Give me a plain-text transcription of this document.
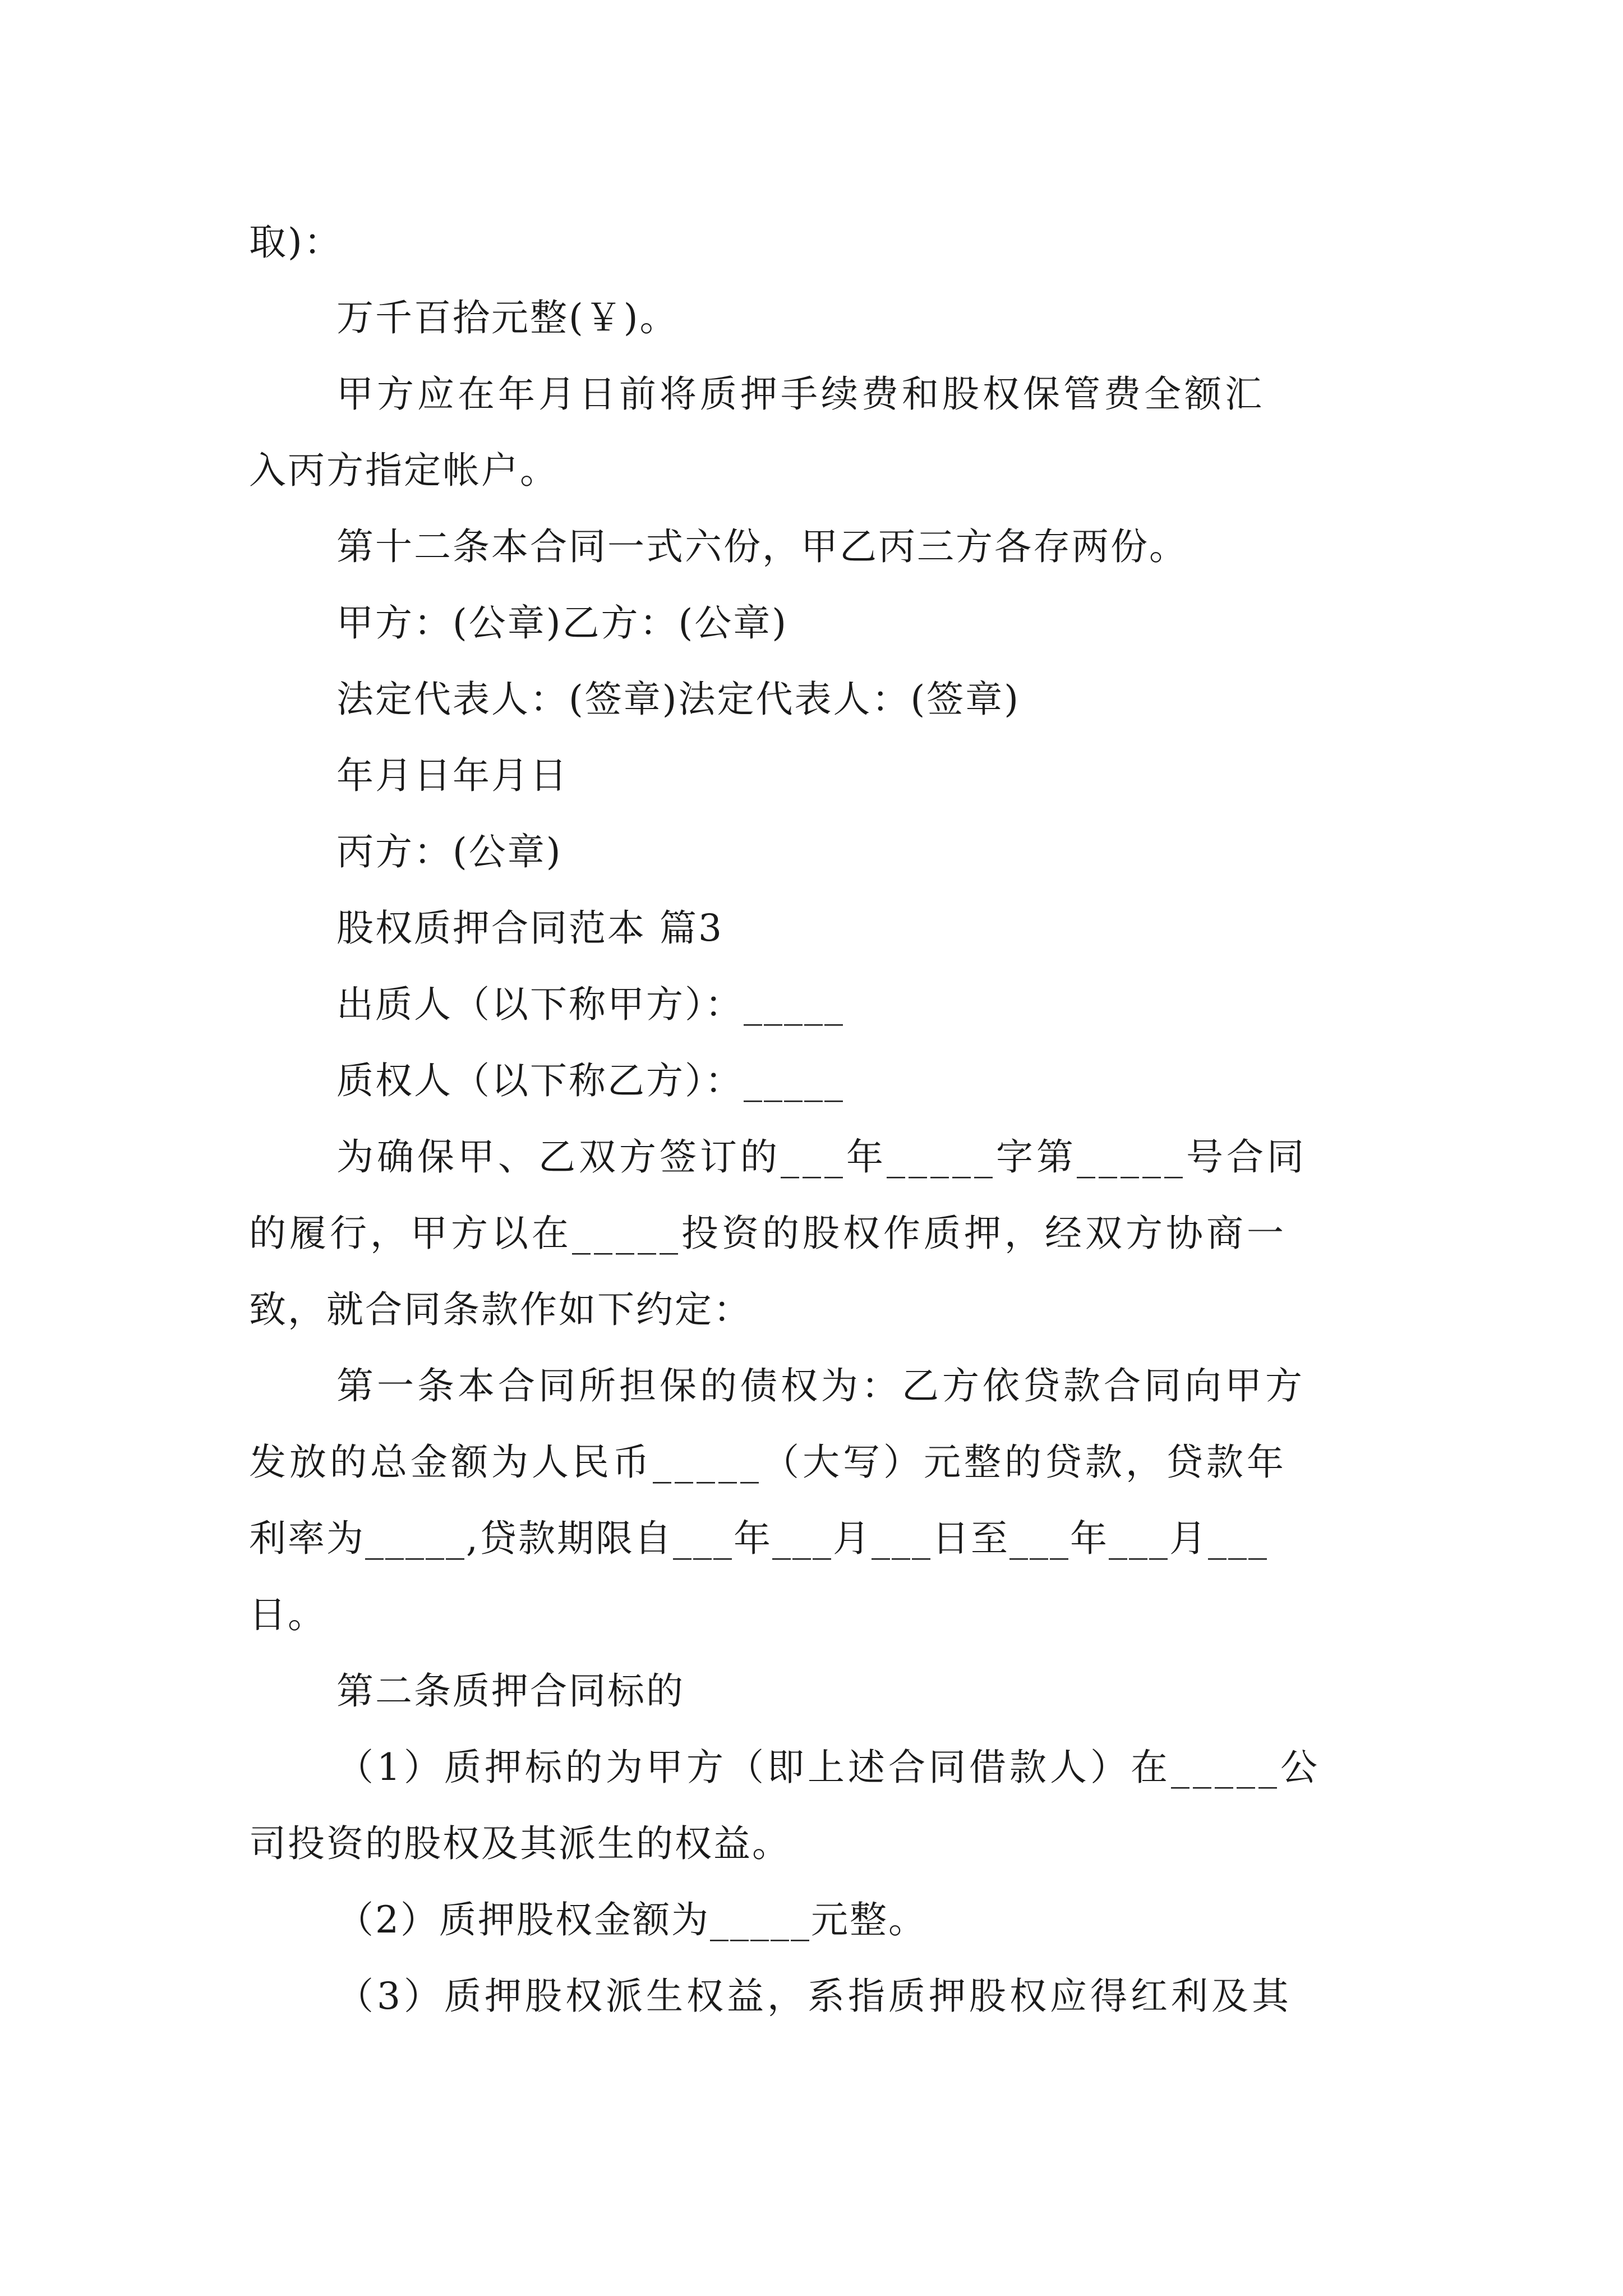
取)：
万千百拾元整(￥)。
甲方应在年月日前将质押手续费和股权保管费全额汇
入丙方指定帐户。
第十二条本合同一式六份，甲乙丙三方各存两份。
甲方：(公章)乙方：(公章)
法定代表人：(签章)法定代表人：(签章)
年月日年月日
丙方：(公章)
股权质押合同范本 篇3
出质人（以下称甲方）：_____
质权人（以下称乙方）：_____
为确保甲、乙双方签订的___年_____字第_____号合同
的履行，甲方以在_____投资的股权作质押，经双方协商一
致，就合同条款作如下约定：
第一条本合同所担保的债权为：乙方依贷款合同向甲方
发放的总金额为人民币_____（大写）元整的贷款，贷款年
利率为_____,贷款期限自___年___月___日至___年___月___
日。
第二条质押合同标的
（1）质押标的为甲方（即上述合同借款人）在_____公
司投资的股权及其派生的权益。
（2）质押股权金额为_____元整。
（3）质押股权派生权益，系指质押股权应得红利及其
